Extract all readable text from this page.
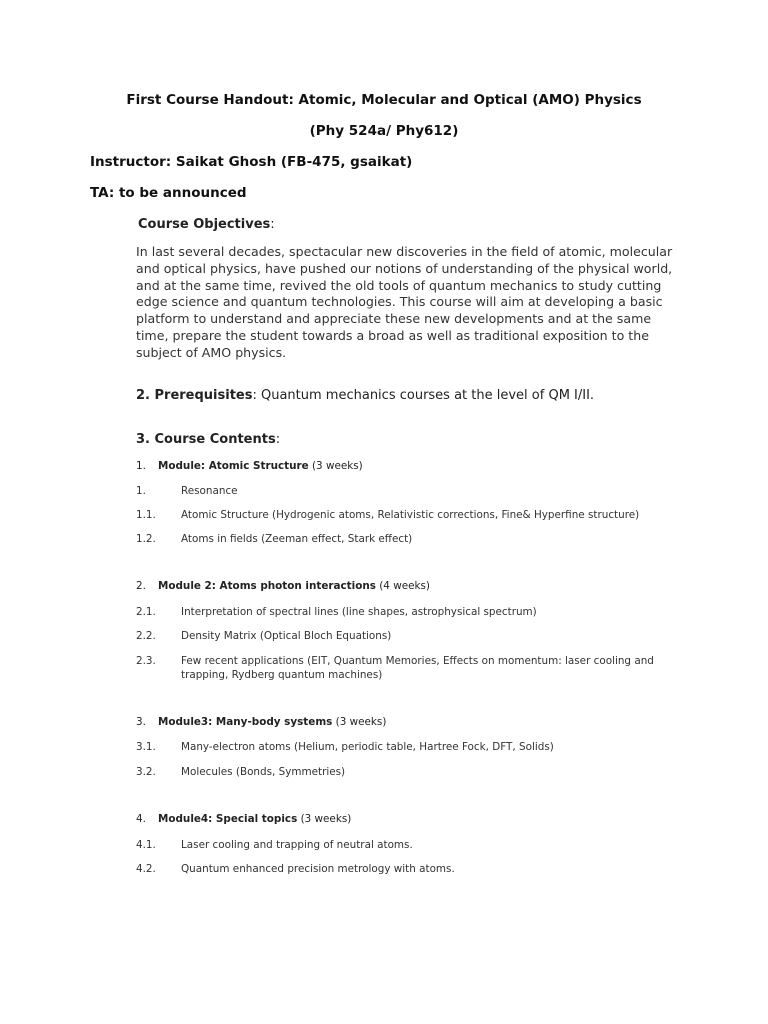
First Course Handout: Atomic, Molecular and Optical (AMO) Physics
(Phy 524a/ Phy612)
Instructor: Saikat Ghosh (FB-475, gsaikat)
TA: to be announced
Course Objectives:
In last several decades, spectacular new discoveries in the field of atomic, molecular
and optical physics, have pushed our notions of understanding of the physical world,
and at the same time, revived the old tools of quantum mechanics to study cutting
edge science and quantum technologies. This course will aim at developing a basic
platform to understand and appreciate these new developments and at the same
time, prepare the student towards a broad as well as traditional exposition to the
subject of AMO physics.
2. Prerequisites: Quantum mechanics courses at the level of QM I/II.
3. Course Contents:
1. Module: Atomic Structure (3 weeks)
1.	Resonance
1.1. Atomic Structure (Hydrogenic atoms, Relativistic corrections, Fine& Hyperfine structure)
1.2. Atoms in fields (Zeeman effect, Stark effect)
2. Module 2: Atoms photon interactions (4 weeks)
2.1. Interpretation of spectral lines (line shapes, astrophysical spectrum)
2.2. Density Matrix (Optical Bloch Equations)
2.3. Few recent applications (EIT, Quantum Memories, Effects on momentum: laser cooling and trapping, Rydberg quantum machines)
3. Module3: Many-body systems (3 weeks)
3.1. Many-electron atoms (Helium, periodic table, Hartree Fock, DFT, Solids)
3.2. Molecules (Bonds, Symmetries)
4. Module4: Special topics (3 weeks)
4.1. Laser cooling and trapping of neutral atoms.
4.2. Quantum enhanced precision metrology with atoms.
